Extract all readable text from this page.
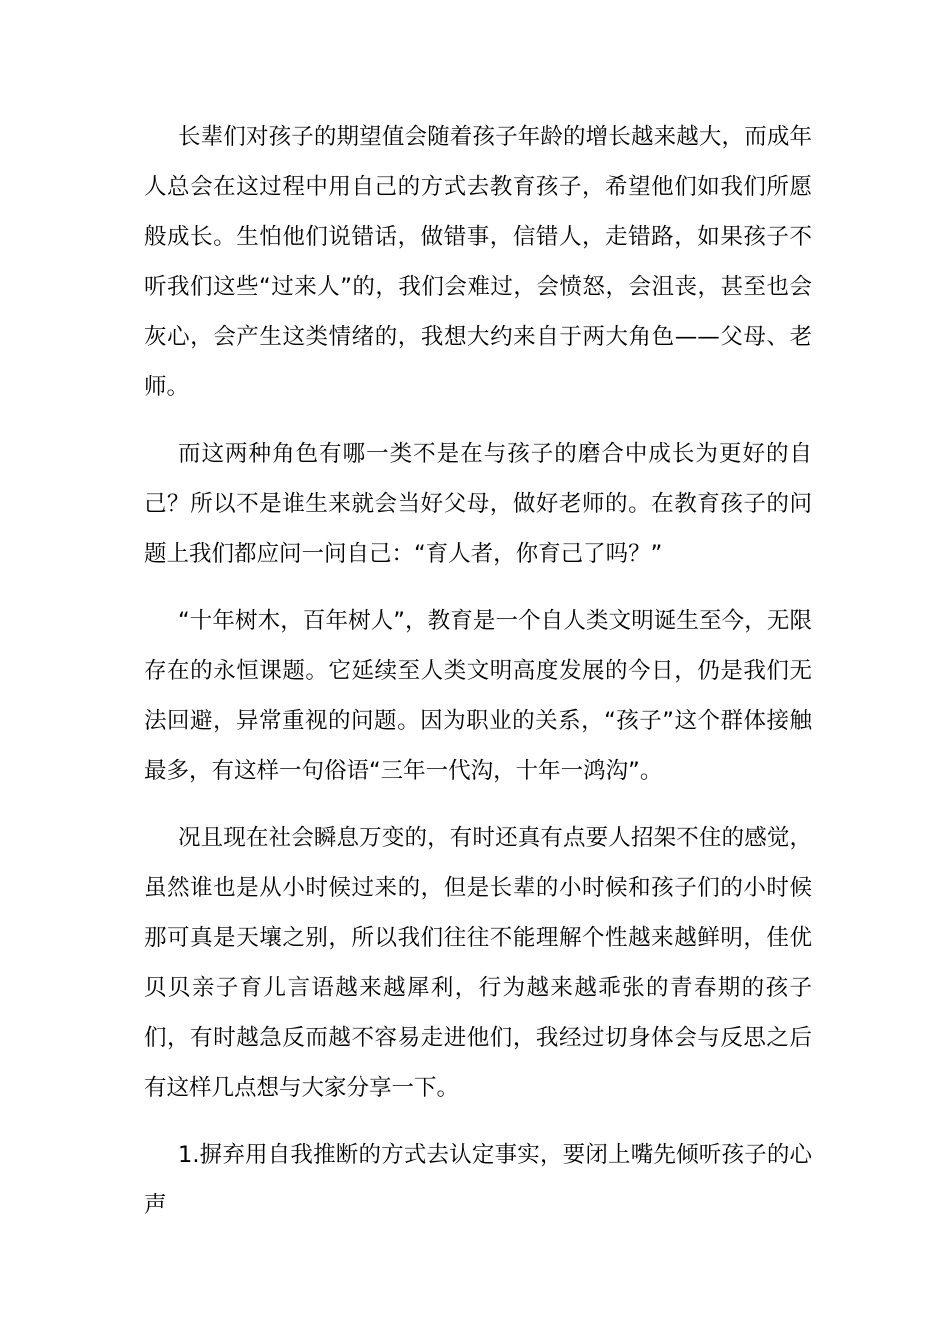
长辈们对孩子的期望值会随着孩子年龄的增长越来越大，而成年人总会在这过程中用自己的方式去教育孩子，希望他们如我们所愿般成长。生怕他们说错话，做错事，信错人，走错路，如果孩子不听我们这些“过来人”的，我们会难过，会愤怒，会沮丧，甚至也会灰心，会产生这类情绪的，我想大约来自于两大角色——父母、老师。

而这两种角色有哪一类不是在与孩子的磨合中成长为更好的自己？所以不是谁生来就会当好父母，做好老师的。在教育孩子的问题上我们都应问一问自己：“育人者，你育己了吗？”

“十年树木，百年树人”，教育是一个自人类文明诞生至今，无限存在的永恒课题。它延续至人类文明高度发展的今日，仍是我们无法回避，异常重视的问题。因为职业的关系，“孩子”这个群体接触最多，有这样一句俗语“三年一代沟，十年一鸿沟”。

况且现在社会瞬息万变的，有时还真有点要人招架不住的感觉，虽然谁也是从小时候过来的，但是长辈的小时候和孩子们的小时候那可真是天壤之别，所以我们往往不能理解个性越来越鲜明，佳优贝贝亲子育儿言语越来越犀利，行为越来越乖张的青春期的孩子们，有时越急反而越不容易走进他们，我经过切身体会与反思之后有这样几点想与大家分享一下。

1.摒弃用自我推断的方式去认定事实，要闭上嘴先倾听孩子的心声
